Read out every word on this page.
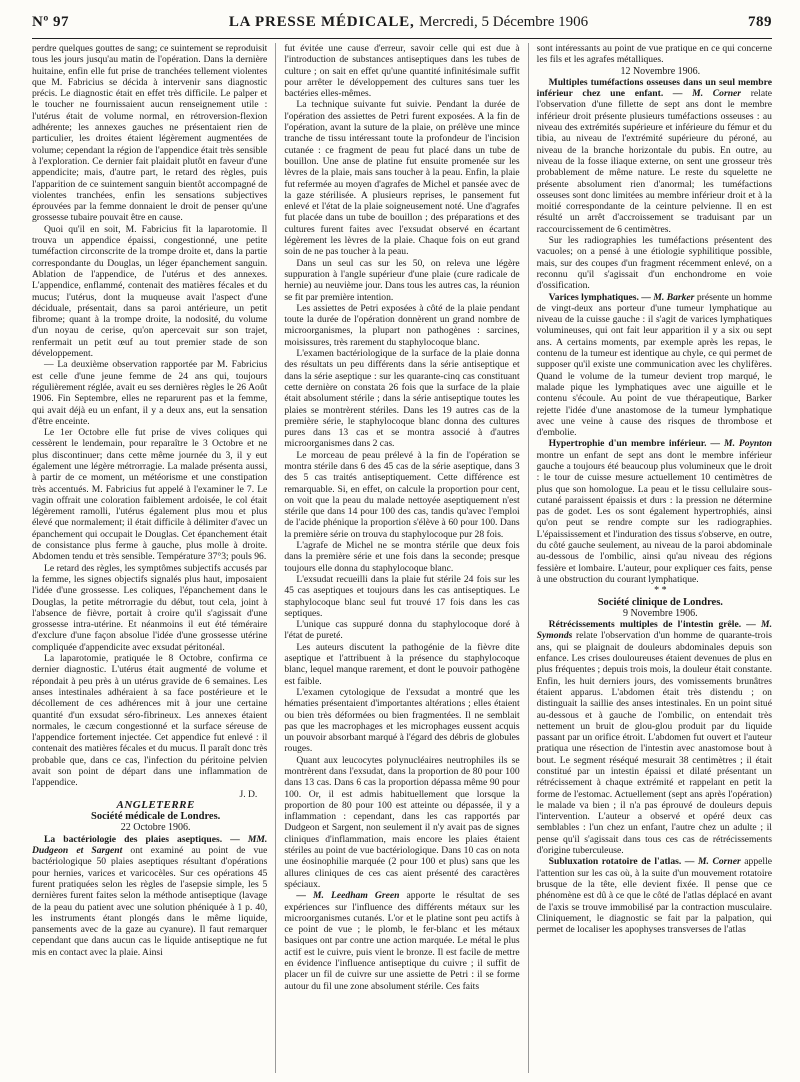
Nº 97	LA PRESSE MÉDICALE, Mercredi, 5 Décembre 1906	789

perdre quelques gouttes de sang; ce suintement se reproduisit tous les jours jusqu'au matin de l'opération. Dans la dernière huitaine, enfin elle fut prise de tranchées tellement violentes que M. Fabricius se décida à intervenir sans diagnostic précis. Le diagnostic était en effet très difficile. Le palper et le toucher ne fournissaient aucun renseignement utile : l'utérus était de volume normal, en rétroversion-flexion adhérente; les annexes gauches ne présentaient rien de particulier, les droites étaient légèrement augmentées de volume; cependant la région de l'appendice était très sensible à l'exploration. Ce dernier fait plaidait plutôt en faveur d'une appendicite; mais, d'autre part, le retard des règles, puis l'apparition de ce suintement sanguin bientôt accompagné de violentes tranchées, enfin les sensations subjectives éprouvées par la femme donnaient le droit de penser qu'une grossesse tubaire pouvait être en cause.

Quoi qu'il en soit, M. Fabricius fit la laparotomie. Il trouva un appendice épaissi, congestionné, une petite tuméfaction circonscrite de la trompe droite et, dans la partie correspondante du Douglas, un léger épanchement sanguin. Ablation de l'appendice, de l'utérus et des annexes. L'appendice, enflammé, contenait des matières fécales et du mucus; l'utérus, dont la muqueuse avait l'aspect d'une déciduale, présentait, dans sa paroi antérieure, un petit fibrome; quant à la trompe droite, la nodosité, du volume d'un noyau de cerise, qu'on apercevait sur son trajet, renfermait un petit œuf au tout premier stade de son développement.

— La deuxième observation rapportée par M. Fabricius est celle d'une jeune femme de 24 ans qui, toujours régulièrement réglée, avait eu ses dernières règles le 26 Août 1906. Fin Septembre, elles ne reparurent pas et la femme, qui avait déjà eu un enfant, il y a deux ans, eut la sensation d'être enceinte.

Le 1er Octobre elle fut prise de vives coliques qui cessèrent le lendemain, pour reparaître le 3 Octobre et ne plus discontinuer; dans cette même journée du 3, il y eut également une légère métrorragie. La malade présenta aussi, à partir de ce moment, un météorisme et une constipation très accentués. M. Fabricius fut appelé à l'examiner le 7. Le vagin offrait une coloration faiblement ardoisée, le col était légèrement ramolli, l'utérus également plus mou et plus élevé que normalement; il était difficile à délimiter d'avec un épanchement qui occupait le Douglas. Cet épanchement était de consistance plus ferme à gauche, plus molle à droite. Abdomen tendu et très sensible. Température 37°3; pouls 96.

Le retard des règles, les symptômes subjectifs accusés par la femme, les signes objectifs signalés plus haut, imposaient l'idée d'une grossesse. Les coliques, l'épanchement dans le Douglas, la petite métrorragie du début, tout cela, joint à l'absence de fièvre, portait à croire qu'il s'agissait d'une grossesse intra-utérine. Et néanmoins il eut été téméraire d'exclure d'une façon absolue l'idée d'une grossesse utérine compliquée d'appendicite avec exsudat péritonéal.

La laparotomie, pratiquée le 8 Octobre, confirma ce dernier diagnostic. L'utérus était augmenté de volume et répondait à peu près à un utérus gravide de 6 semaines. Les anses intestinales adhéraient à sa face postérieure et le décollement de ces adhérences mit à jour une certaine quantité d'un exsudat séro-fibrineux. Les annexes étaient normales, le cæcum congestionné et la surface séreuse de l'appendice fortement injectée. Cet appendice fut enlevé : il contenait des matières fécales et du mucus. Il paraît donc très probable que, dans ce cas, l'infection du péritoine pelvien avait son point de départ dans une inflammation de l'appendice.

J. D.

ANGLETERRE

Société médicale de Londres.

22 Octobre 1906.

La bactériologie des plaies aseptiques. — MM. Dudgeon et Sargent ont examiné au point de vue bactériologique 50 plaies aseptiques résultant d'opérations pour hernies, varices et varicocèles. Sur ces opérations 45 furent pratiquées selon les règles de l'asepsie simple, les 5 dernières furent faites selon la méthode antiseptique (lavage de la peau du patient avec une solution phéniquée à 1 p. 40, les instruments étant plongés dans le même liquide, pansements avec de la gaze au cyanure). Il faut remarquer cependant que dans aucun cas le liquide antiseptique ne fut mis en contact avec la plaie. Ainsi

fut évitée une cause d'erreur, savoir celle qui est due à l'introduction de substances antiseptiques dans les tubes de culture ; on sait en effet qu'une quantité infinitésimale suffit pour arrêter le développement des cultures sans tuer les bactéries elles-mêmes.

La technique suivante fut suivie. Pendant la durée de l'opération des assiettes de Petri furent exposées. A la fin de l'opération, avant la suture de la plaie, on prélève une mince tranche de tissu intéressant toute la profondeur de l'incision cutanée : ce fragment de peau fut placé dans un tube de bouillon. Une anse de platine fut ensuite promenée sur les lèvres de la plaie, mais sans toucher à la peau. Enfin, la plaie fut refermée au moyen d'agrafes de Michel et pansée avec de la gaze stérilisée. A plusieurs reprises, le pansement fut enlevé et l'état de la plaie soigneusement noté. Une d'agrafes fut placée dans un tube de bouillon ; des préparations et des cultures furent faites avec l'exsudat observé en écartant légèrement les lèvres de la plaie. Chaque fois on eut grand soin de ne pas toucher à la peau.

Dans un seul cas sur les 50, on releva une légère suppuration à l'angle supérieur d'une plaie (cure radicale de hernie) au neuvième jour. Dans tous les autres cas, la réunion se fit par première intention.

Les assiettes de Petri exposées à côté de la plaie pendant toute la durée de l'opération donnèrent un grand nombre de microorganismes, la plupart non pathogènes : sarcines, moisissures, très rarement du staphylocoque blanc.

L'examen bactériologique de la surface de la plaie donna des résultats un peu différents dans la série antiseptique et dans la série aseptique : sur les quarante-cinq cas constituant cette dernière on constata 26 fois que la surface de la plaie était absolument stérile ; dans la série antiseptique toutes les plaies se montrèrent stériles. Dans les 19 autres cas de la première série, le staphylocoque blanc donna des cultures pures dans 13 cas et se montra associé à d'autres microorganismes dans 2 cas.

Le morceau de peau prélevé à la fin de l'opération se montra stérile dans 6 des 45 cas de la série aseptique, dans 3 des 5 cas traités antiseptiquement. Cette différence est remarquable. Si, en effet, on calcule la proportion pour cent, on voit que la peau du malade nettoyée aseptiquement n'est stérile que dans 14 pour 100 des cas, tandis qu'avec l'emploi de l'acide phénique la proportion s'élève à 60 pour 100. Dans la première série on trouva du staphylocoque pur 28 fois.

L'agrafe de Michel ne se montra stérile que deux fois dans la première série et une fois dans la seconde; presque toujours elle donna du staphylocoque blanc.

L'exsudat recueilli dans la plaie fut stérile 24 fois sur les 45 cas aseptiques et toujours dans les cas antiseptiques. Le staphylocoque blanc seul fut trouvé 17 fois dans les cas septiques.

L'unique cas suppuré donna du staphylocoque doré à l'état de pureté.

Les auteurs discutent la pathogénie de la fièvre dite aseptique et l'attribuent à la présence du staphylocoque blanc, lequel manque rarement, et dont le pouvoir pathogène est faible.

L'examen cytologique de l'exsudat a montré que les hématies présentaient d'importantes altérations ; elles étaient ou bien très déformées ou bien fragmentées. Il ne semblait pas que les macrophages et les microphages eussent acquis un pouvoir absorbant marqué à l'égard des débris de globules rouges.

Quant aux leucocytes polynucléaires neutrophiles ils se montrèrent dans l'exsudat, dans la proportion de 80 pour 100 dans 13 cas. Dans 6 cas la proportion dépassa même 90 pour 100. Or, il est admis habituellement que lorsque la proportion de 80 pour 100 est atteinte ou dépassée, il y a inflammation : cependant, dans les cas rapportés par Dudgeon et Sargent, non seulement il n'y avait pas de signes cliniques d'inflammation, mais encore les plaies étaient stériles au point de vue bactériologique. Dans 10 cas on nota une éosinophilie marquée (2 pour 100 et plus) sans que les allures cliniques de ces cas aient présenté des caractères spéciaux.

— M. Leedham Green apporte le résultat de ses expériences sur l'influence des différents métaux sur les microorganismes cutanés. L'or et le platine sont peu actifs à ce point de vue ; le plomb, le fer-blanc et les métaux basiques ont par contre une action marquée. Le métal le plus actif est le cuivre, puis vient le bronze. Il est facile de mettre en évidence l'influence antiseptique du cuivre ; il suffit de placer un fil de cuivre sur une assiette de Petri : il se forme autour du fil une zone absolument stérile. Ces faits

sont intéressants au point de vue pratique en ce qui concerne les fils et les agrafes métalliques.

12 Novembre 1906.

Multiples tuméfactions osseuses dans un seul membre inférieur chez une enfant. — M. Corner relate l'observation d'une fillette de sept ans dont le membre inférieur droit présente plusieurs tuméfactions osseuses : au niveau des extrémités supérieure et inférieure du fémur et du tibia, au niveau de l'extrémité supérieure du péroné, au niveau de la branche horizontale du pubis. En outre, au niveau de la fosse iliaque externe, on sent une grosseur très probablement de même nature. Le reste du squelette ne présente absolument rien d'anormal; les tuméfactions osseuses sont donc limitées au membre inférieur droit et à la moitié correspondante de la ceinture pelvienne. Il en est résulté un arrêt d'accroissement se traduisant par un raccourcissement de 6 centimètres.

Sur les radiographies les tuméfactions présentent des vacuoles; on a pensé à une étiologie syphilitique possible, mais, sur des coupes d'un fragment récemment enlevé, on a reconnu qu'il s'agissait d'un enchondrome en voie d'ossification.

Varices lymphatiques. — M. Barker présente un homme de vingt-deux ans porteur d'une tumeur lymphatique au niveau de la cuisse gauche : il s'agit de varices lymphatiques volumineuses, qui ont fait leur apparition il y a six ou sept ans. A certains moments, par exemple après les repas, le contenu de la tumeur est identique au chyle, ce qui permet de supposer qu'il existe une communication avec les chylifères. Quand le volume de la tumeur devient trop marqué, le malade pique les lymphatiques avec une aiguille et le contenu s'écoule. Au point de vue thérapeutique, Barker rejette l'idée d'une anastomose de la tumeur lymphatique avec une veine à cause des risques de thrombose et d'embolie.

Hypertrophie d'un membre inférieur. — M. Poynton montre un enfant de sept ans dont le membre inférieur gauche a toujours été beaucoup plus volumineux que le droit : le tour de cuisse mesure actuellement 10 centimètres de plus que son homologue. La peau et le tissu cellulaire sous-cutané paraissent épaissis et durs : la pression ne détermine pas de godet. Les os sont également hypertrophiés, ainsi qu'on peut se rendre compte sur les radiographies. L'épaississement et l'induration des tissus s'observe, en outre, du côté gauche seulement, au niveau de la paroi abdominale au-dessous de l'ombilic, ainsi qu'au niveau des régions fessière et lombaire. L'auteur, pour expliquer ces faits, pense à une obstruction du courant lymphatique.

* *

Société clinique de Londres.

9 Novembre 1906.

Rétrécissements multiples de l'intestin grêle. — M. Symonds relate l'observation d'un homme de quarante-trois ans, qui se plaignait de douleurs abdominales depuis son enfance. Les crises douloureuses étaient devenues de plus en plus fréquentes ; depuis trois mois, la douleur était constante. Enfin, les huit derniers jours, des vomissements brunâtres étaient apparus. L'abdomen était très distendu ; on distinguait la saillie des anses intestinales. En un point situé au-dessous et à gauche de l'ombilic, on entendait très nettement un bruit de glou-glou produit par du liquide passant par un orifice étroit. L'abdomen fut ouvert et l'auteur pratiqua une résection de l'intestin avec anastomose bout à bout. Le segment réséqué mesurait 38 centimètres ; il était constitué par un intestin épaissi et dilaté présentant un rétrécissement à chaque extrémité et rappelant en petit la forme de l'estomac. Actuellement (sept ans après l'opération) le malade va bien ; il n'a pas éprouvé de douleurs depuis l'intervention. L'auteur a observé et opéré deux cas semblables : l'un chez un enfant, l'autre chez un adulte ; il pense qu'il s'agissait dans tous ces cas de rétrécissements d'origine tuberculeuse.

Subluxation rotatoire de l'atlas. — M. Corner appelle l'attention sur les cas où, à la suite d'un mouvement rotatoire brusque de la tête, elle devient fixée. Il pense que ce phénomène est dû à ce que le côté de l'atlas déplacé en avant de l'axis se trouve immobilisé par la contraction musculaire. Cliniquement, le diagnostic se fait par la palpation, qui permet de localiser les apophyses transverses de l'atlas
